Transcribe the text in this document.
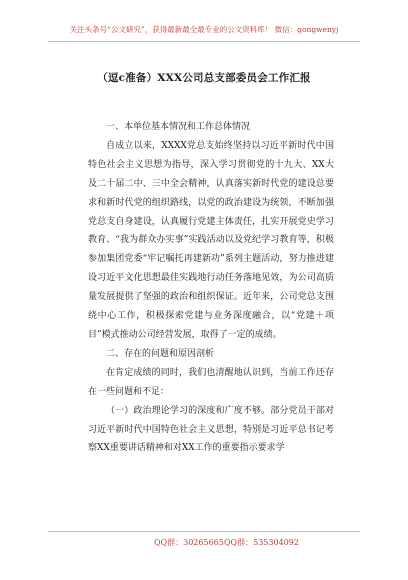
关注头条号“公文研究”，获得最新最全最专业的公文资料库！ 微信：gongwenyj
（逗c准备）XXX公司总支部委员会工作汇报

一、本单位基本情况和工作总体情况

自成立以来，XXXX党总支始终坚持以习近平新时代中国特色社会主义思想为指导，深入学习贯彻党的十九大、XX大及二十届二中、三中全会精神，认真落实新时代党的建设总要求和新时代党的组织路线，以党的政治建设为统领，不断加强党总支自身建设，认真履行党建主体责任，扎实开展党史学习教育、“我为群众办实事”实践活动以及党纪学习教育等，积极参加集团党委“牢记嘱托再建新功”系列主题活动，努力推进建设习近平文化思想最佳实践地行动任务落地见效，为公司高质量发展提供了坚强的政治和组织保证。近年来，公司党总支围绕中心工作，积极探索党建与业务深度融合，以“党建＋项目”模式推动公司经营发展，取得了一定的成绩。

二、存在的问题和原因剖析

在肯定成绩的同时，我们也清醒地认识到，当前工作还存在一些问题和不足：

（一）政治理论学习的深度和广度不够。部分党员干部对习近平新时代中国特色社会主义思想，特别是习近平总书记考察XX重要讲话精神和对XX工作的重要指示要求学

QQ群：30265665 QQ群：535304092
